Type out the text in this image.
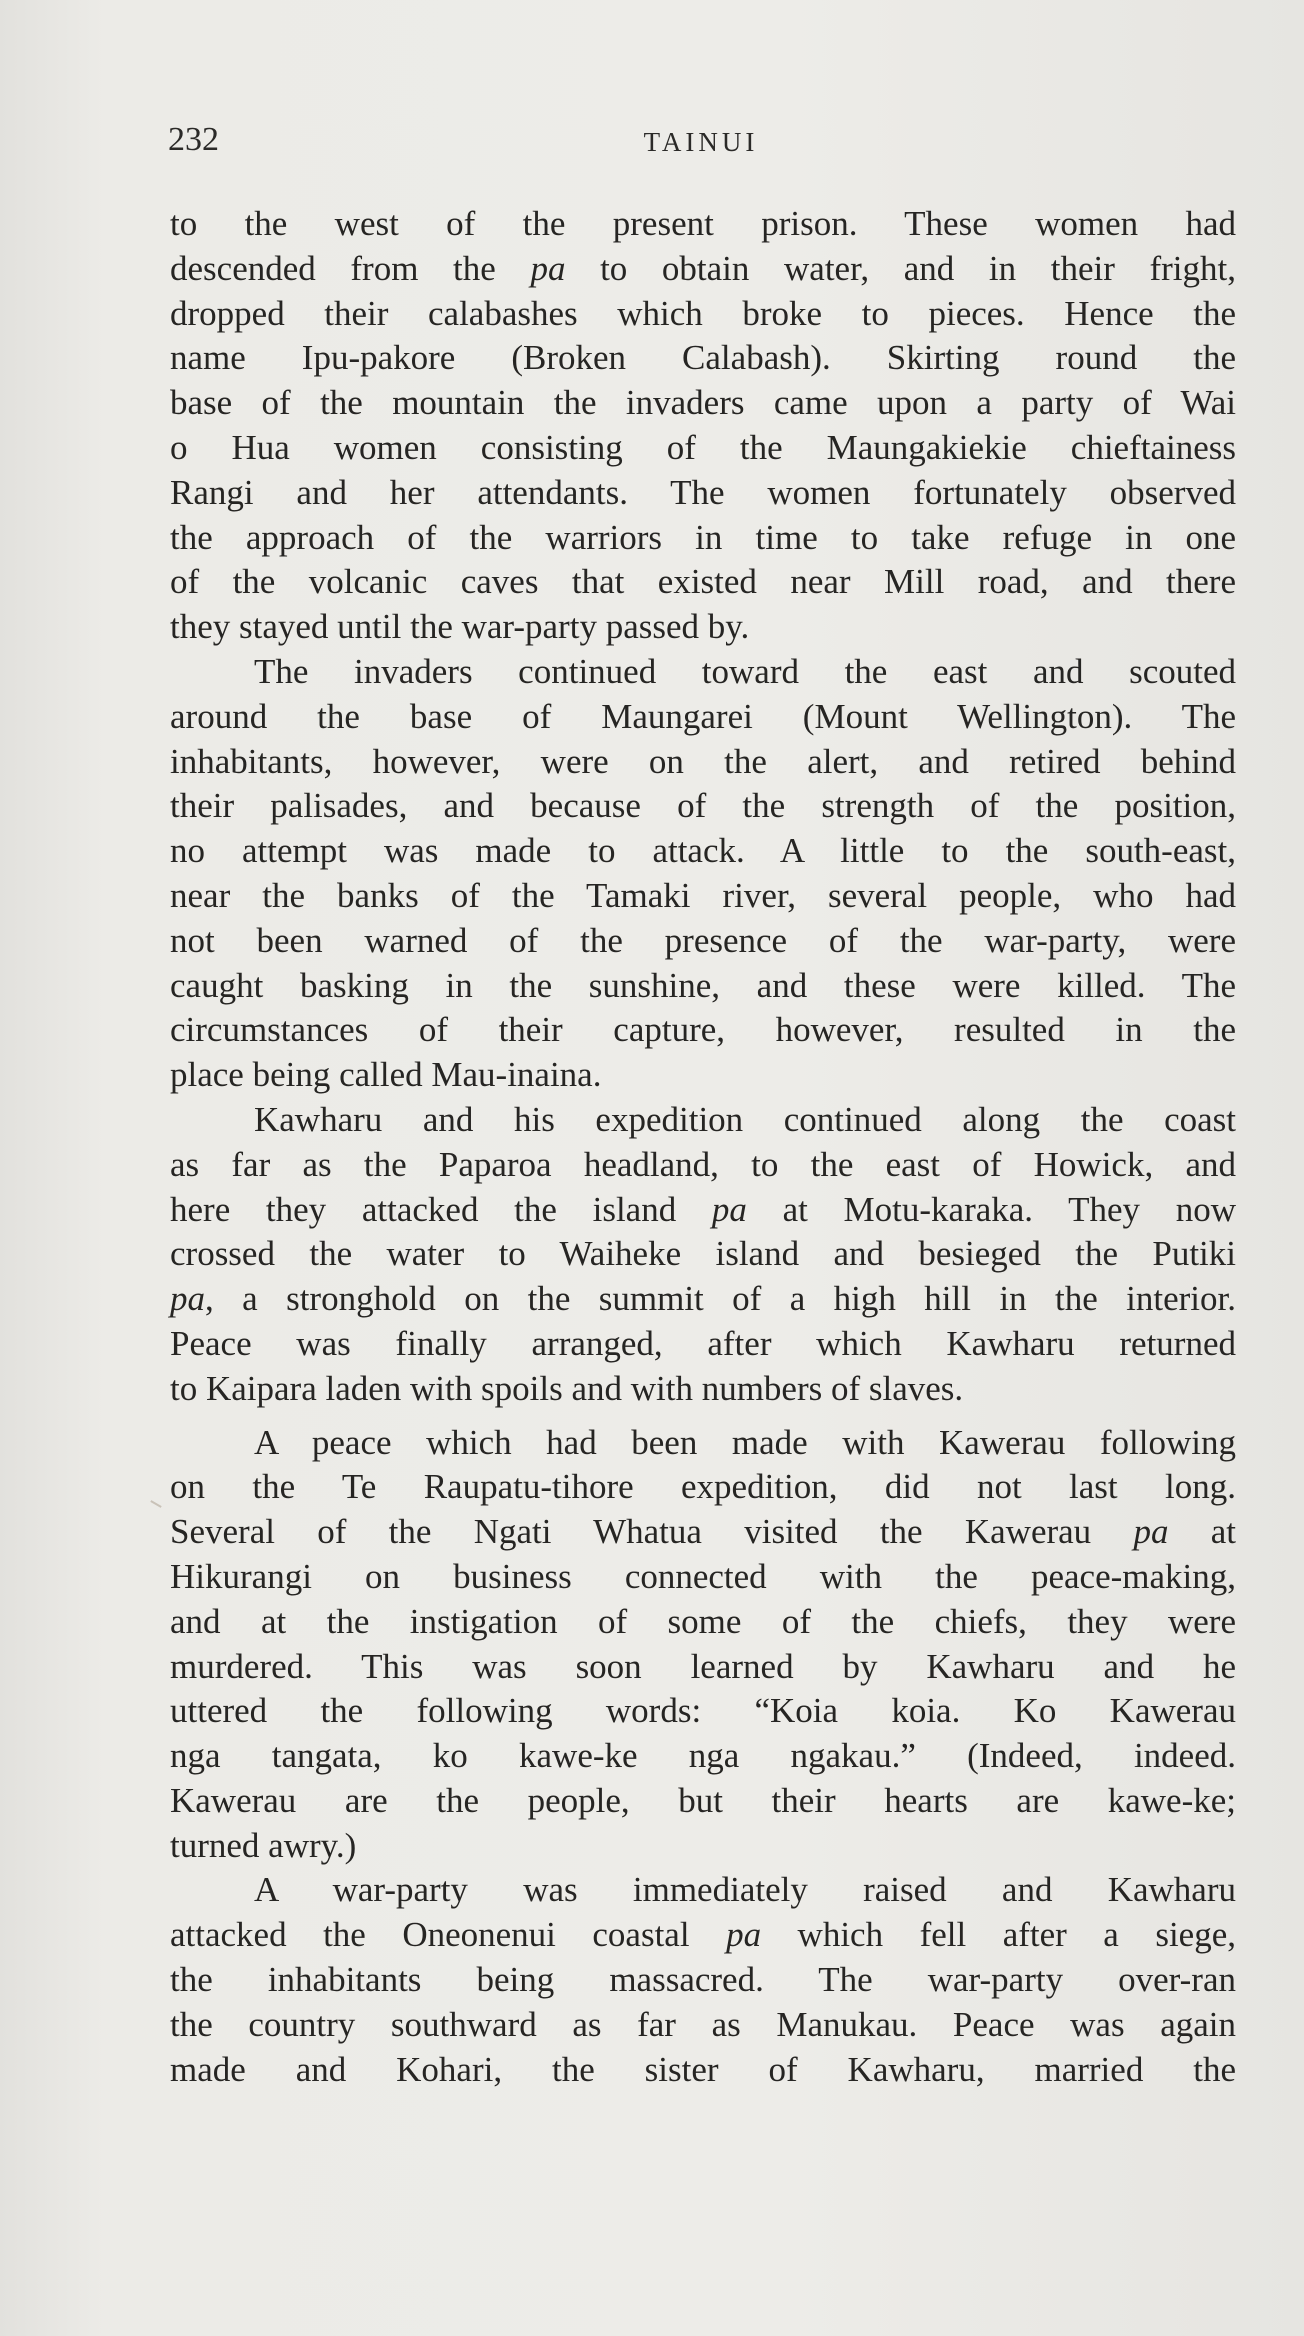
232	TAINUI
to the west of the present prison. These women had
descended from the pa to obtain water, and in their fright,
dropped their calabashes which broke to pieces. Hence the
name Ipu-pakore (Broken Calabash). Skirting round the
base of the mountain the invaders came upon a party of Wai
o Hua women consisting of the Maungakiekie chieftainess
Rangi and her attendants. The women fortunately observed
the approach of the warriors in time to take refuge in one
of the volcanic caves that existed near Mill road, and there
they stayed until the war-party passed by.
The invaders continued toward the east and scouted
around the base of Maungarei (Mount Wellington). The
inhabitants, however, were on the alert, and retired behind
their palisades, and because of the strength of the position,
no attempt was made to attack. A little to the south-east,
near the banks of the Tamaki river, several people, who had
not been warned of the presence of the war-party, were
caught basking in the sunshine, and these were killed. The
circumstances of their capture, however, resulted in the
place being called Mau-inaina.
Kawharu and his expedition continued along the coast
as far as the Paparoa headland, to the east of Howick, and
here they attacked the island pa at Motu-karaka. They now
crossed the water to Waiheke island and besieged the Putiki
pa, a stronghold on the summit of a high hill in the interior.
Peace was finally arranged, after which Kawharu returned
to Kaipara laden with spoils and with numbers of slaves.
A peace which had been made with Kawerau following
on the Te Raupatu-tihore expedition, did not last long.
Several of the Ngati Whatua visited the Kawerau pa at
Hikurangi on business connected with the peace-making,
and at the instigation of some of the chiefs, they were
murdered. This was soon learned by Kawharu and he
uttered the following words: “Koia koia. Ko Kawerau
nga tangata, ko kawe-ke nga ngakau.” (Indeed, indeed.
Kawerau are the people, but their hearts are kawe-ke;
turned awry.)
A war-party was immediately raised and Kawharu
attacked the Oneonenui coastal pa which fell after a siege,
the inhabitants being massacred. The war-party over-ran
the country southward as far as Manukau. Peace was again
made and Kohari, the sister of Kawharu, married the
